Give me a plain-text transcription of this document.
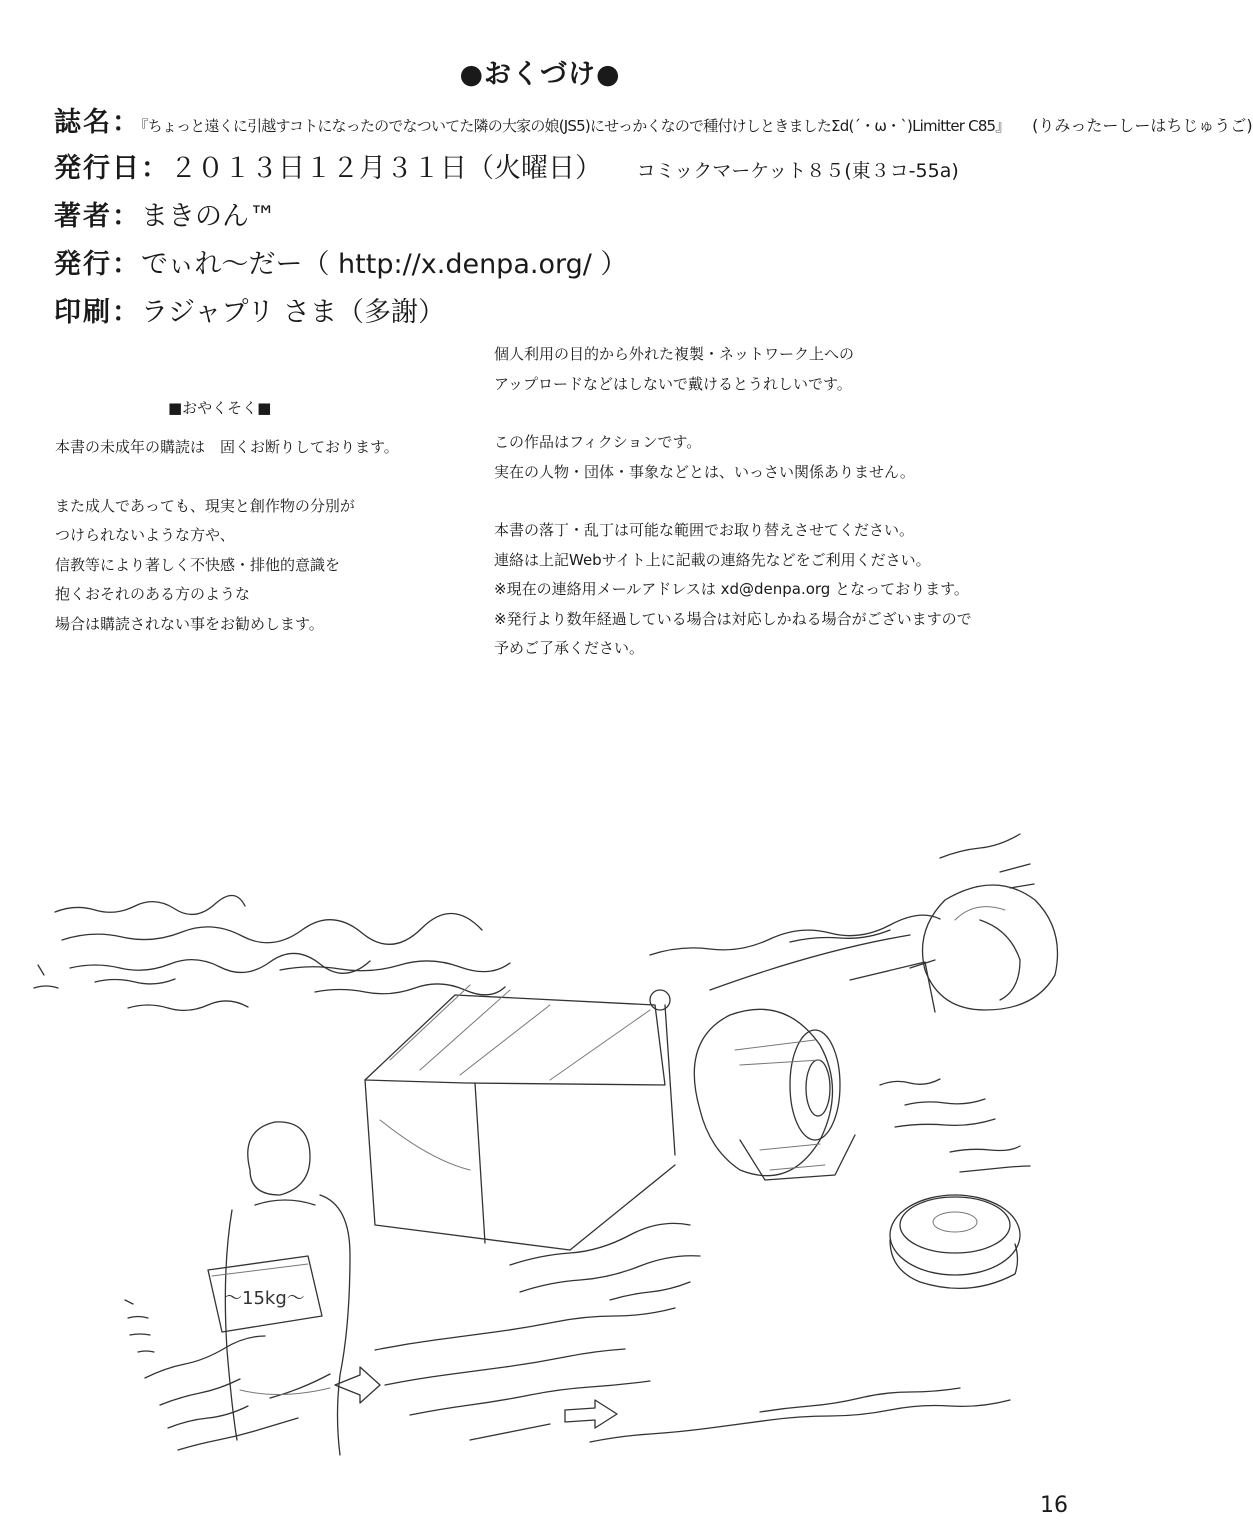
●おくづけ●
誌名：『ちょっと遠くに引越すコトになったのでなついてた隣の大家の娘(JS5)にせっかくなので種付けしときましたΣd(´・ω・`)Limitter C85』 (りみったーしーはちじゅうご)
発行日：２０１３日１２月３１日（火曜日） コミックマーケット８５(東３コ-55a)
著者：まきのん™
発行：でぃれ〜だー（ http://x.denpa.org/ ）
印刷：ラジャプリ さま（多謝）
■おやくそく■

本書の未成年の購読は　固くお断りしております。

また成人であっても、現実と創作物の分別が

つけられないような方や、

信教等により著しく不快感・排他的意識を

抱くおそれのある方のような

場合は購読されない事をお勧めします。

個人利用の目的から外れた複製・ネットワーク上への

アップロードなどはしないで戴けるとうれしいです。

この作品はフィクションです。

実在の人物・団体・事象などとは、いっさい関係ありません。

本書の落丁・乱丁は可能な範囲でお取り替えさせてください。

連絡は上記Webサイト上に記載の連絡先などをご利用ください。

※現在の連絡用メールアドレスは xd@denpa.org となっております。

※発行より数年経過している場合は対応しかねる場合がございますので

予めご了承ください。

〜15kg〜
16
